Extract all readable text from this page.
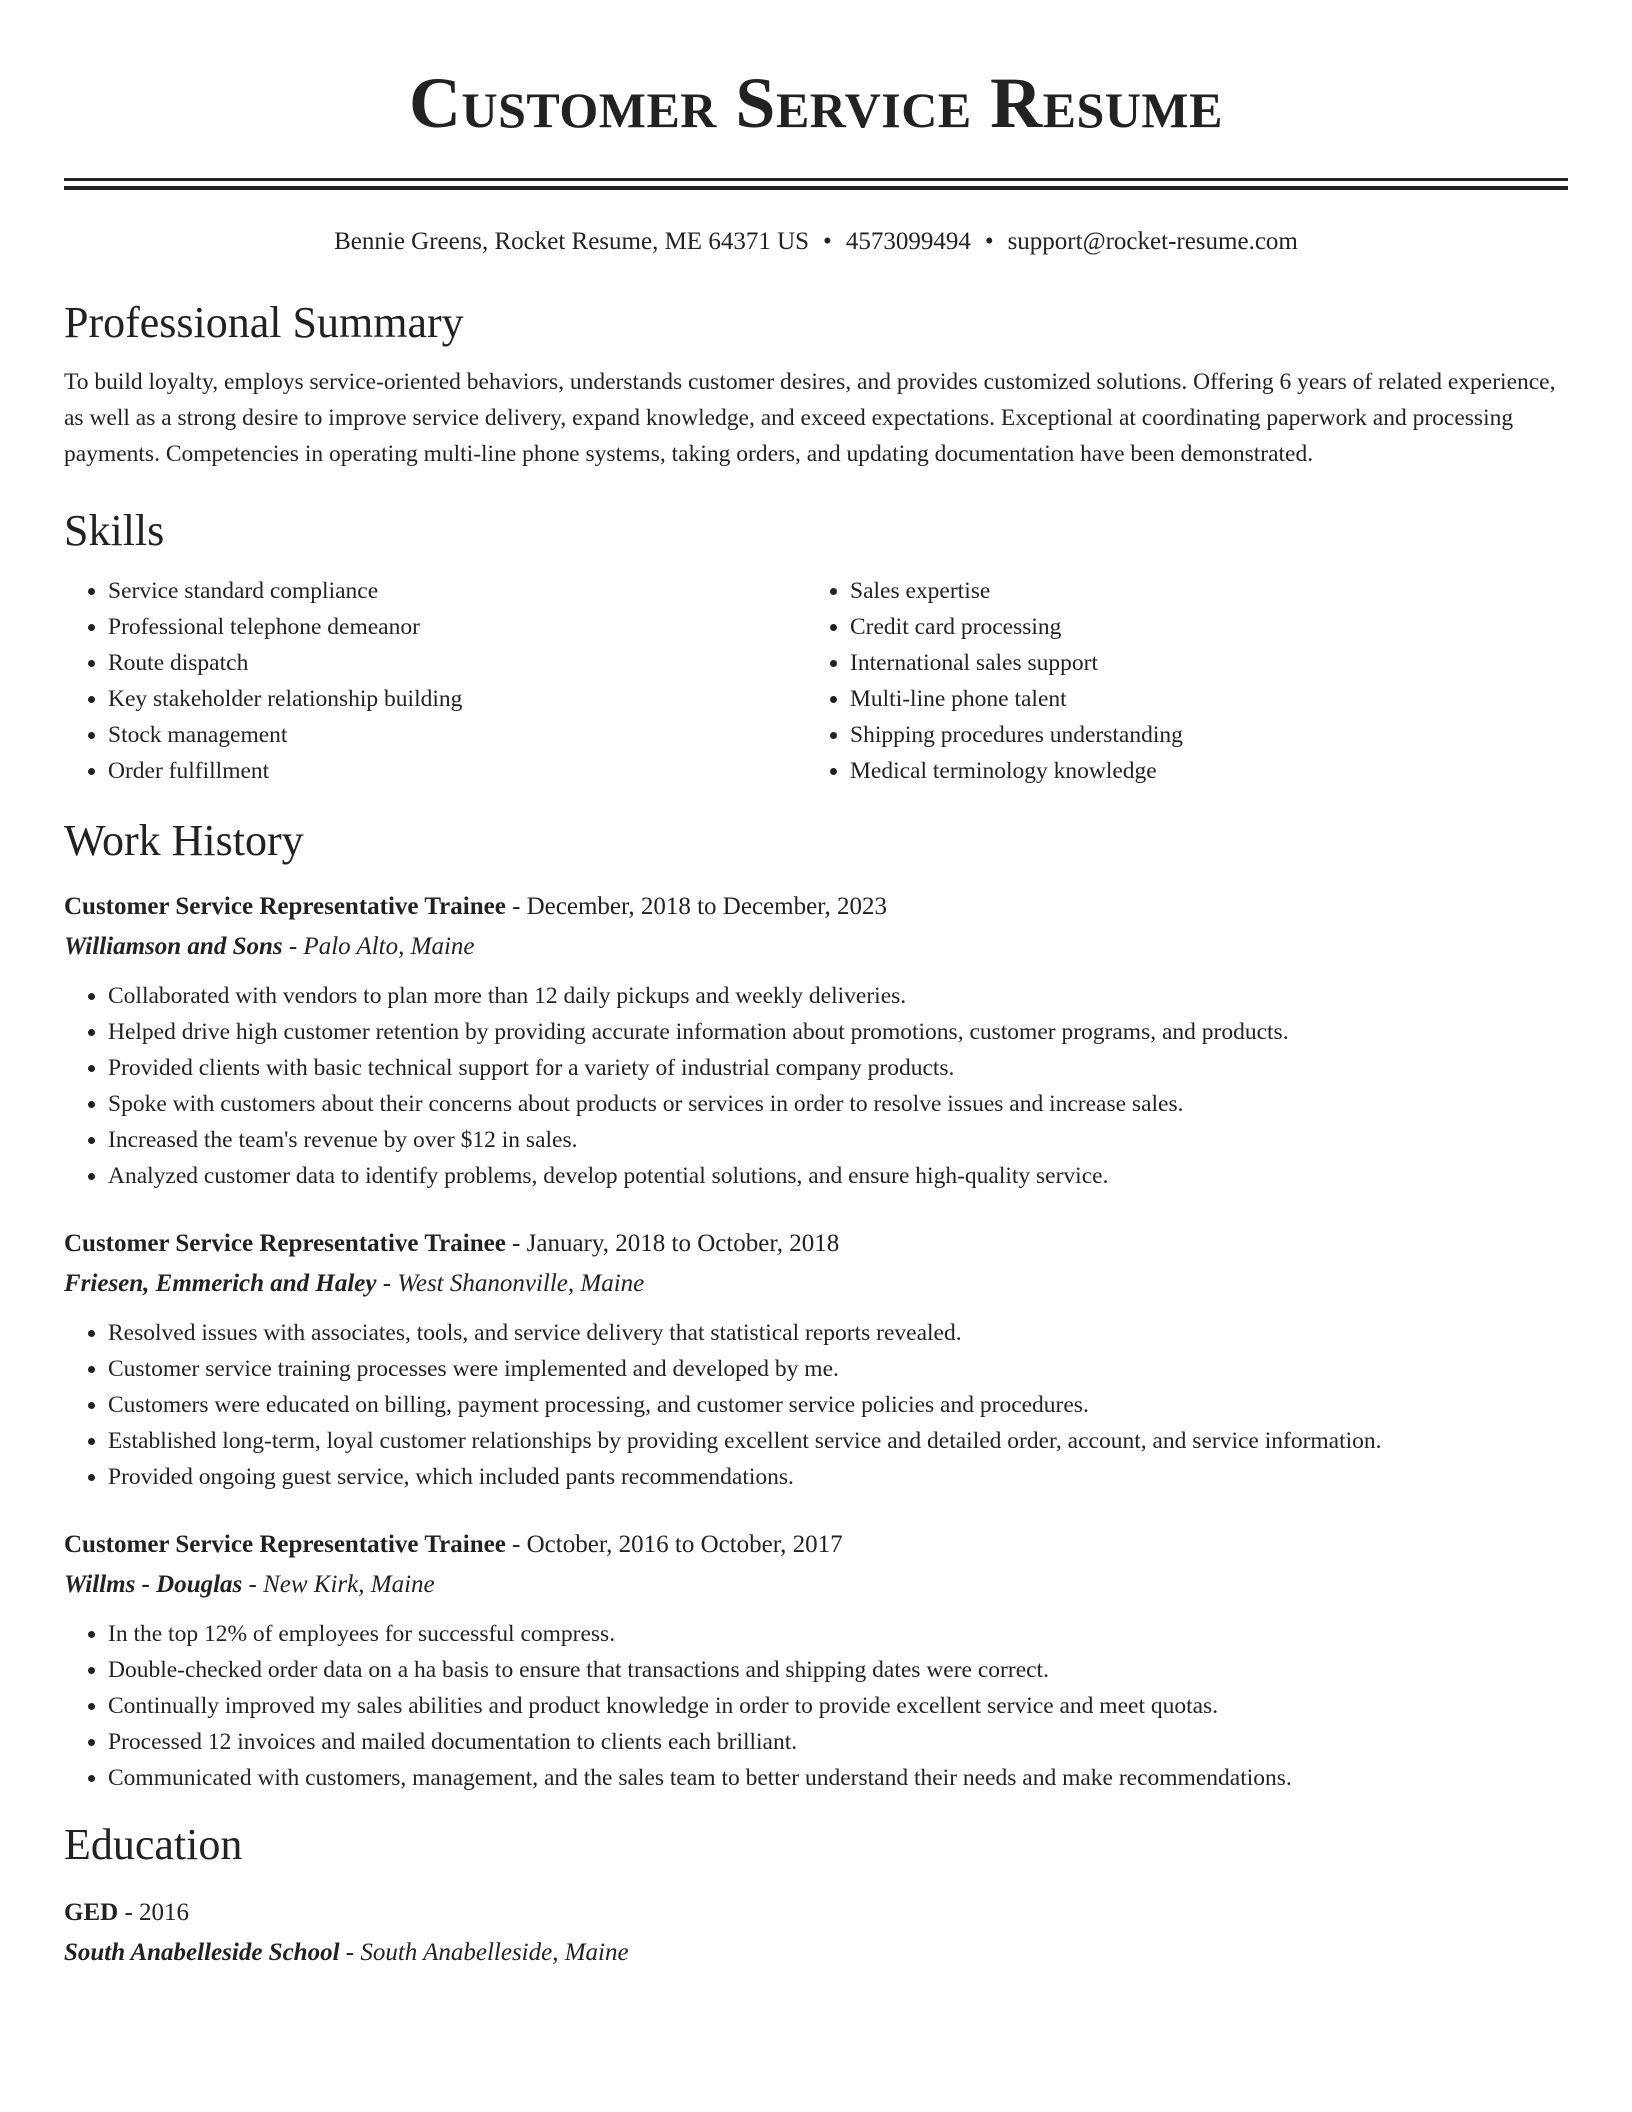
Customer Service Resume
Bennie Greens, Rocket Resume, ME 64371 US • 4573099494 • support@rocket-resume.com
Professional Summary
To build loyalty, employs service-oriented behaviors, understands customer desires, and provides customized solutions. Offering 6 years of related experience, as well as a strong desire to improve service delivery, expand knowledge, and exceed expectations. Exceptional at coordinating paperwork and processing payments. Competencies in operating multi-line phone systems, taking orders, and updating documentation have been demonstrated.
Skills
• Service standard compliance
• Professional telephone demeanor
• Route dispatch
• Key stakeholder relationship building
• Stock management
• Order fulfillment
• Sales expertise
• Credit card processing
• International sales support
• Multi-line phone talent
• Shipping procedures understanding
• Medical terminology knowledge
Work History
Customer Service Representative Trainee - December, 2018 to December, 2023
Williamson and Sons - Palo Alto, Maine
• Collaborated with vendors to plan more than 12 daily pickups and weekly deliveries.
• Helped drive high customer retention by providing accurate information about promotions, customer programs, and products.
• Provided clients with basic technical support for a variety of industrial company products.
• Spoke with customers about their concerns about products or services in order to resolve issues and increase sales.
• Increased the team's revenue by over $12 in sales.
• Analyzed customer data to identify problems, develop potential solutions, and ensure high-quality service.
Customer Service Representative Trainee - January, 2018 to October, 2018
Friesen, Emmerich and Haley - West Shanonville, Maine
• Resolved issues with associates, tools, and service delivery that statistical reports revealed.
• Customer service training processes were implemented and developed by me.
• Customers were educated on billing, payment processing, and customer service policies and procedures.
• Established long-term, loyal customer relationships by providing excellent service and detailed order, account, and service information.
• Provided ongoing guest service, which included pants recommendations.
Customer Service Representative Trainee - October, 2016 to October, 2017
Willms - Douglas - New Kirk, Maine
• In the top 12% of employees for successful compress.
• Double-checked order data on a ha basis to ensure that transactions and shipping dates were correct.
• Continually improved my sales abilities and product knowledge in order to provide excellent service and meet quotas.
• Processed 12 invoices and mailed documentation to clients each brilliant.
• Communicated with customers, management, and the sales team to better understand their needs and make recommendations.
Education
GED - 2016
South Anabelleside School - South Anabelleside, Maine
